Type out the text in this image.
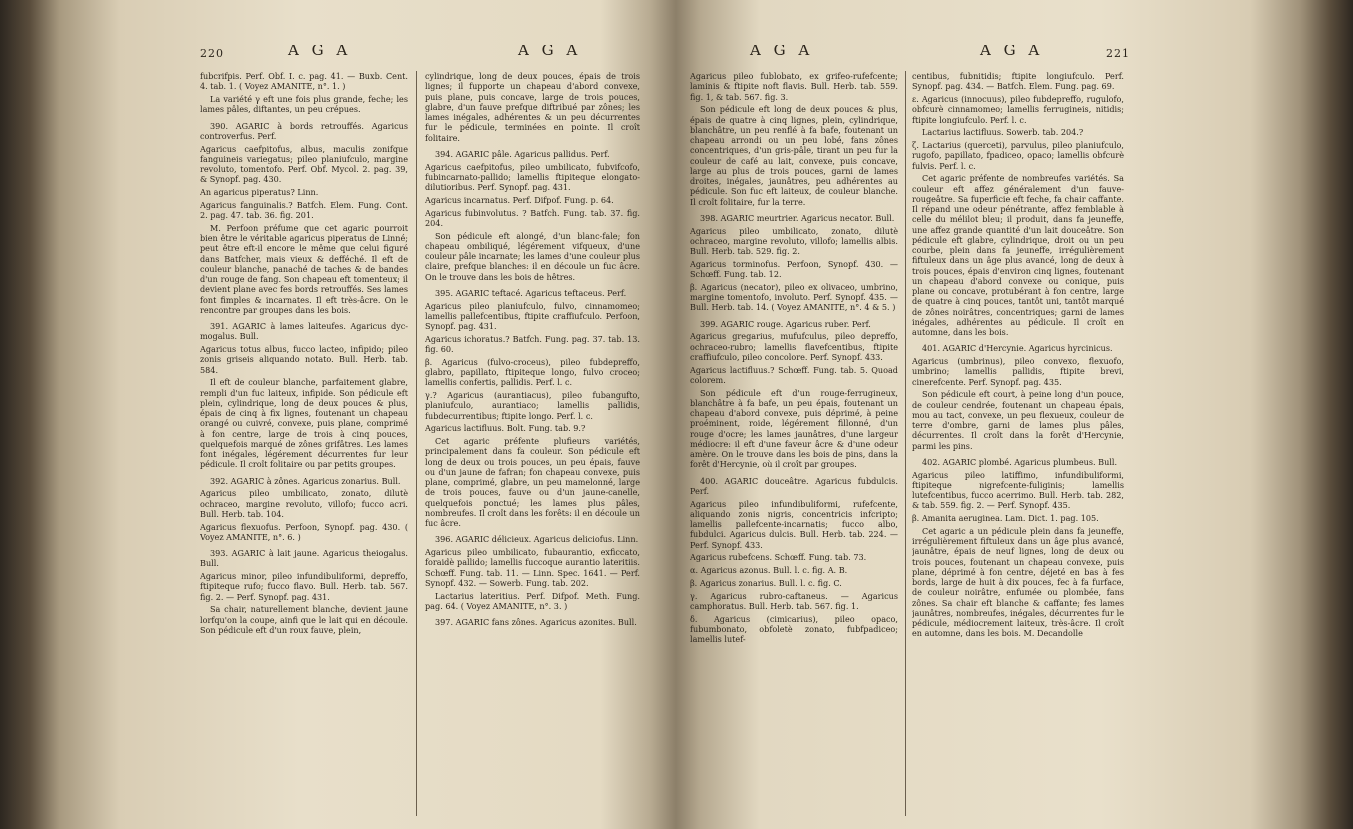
220	A G A	A G A

fubcrifpis. Perf. Obf. I. c. pag. 41. — Buxb. Cent. 4. tab. 1. ( Voyez AMANITE, n°. 1. )

La variété γ eft une fois plus grande, feche; les lames pâles, diftantes, un peu crépues.

390. AGARIC à bords retrouffés. Agaricus controverfus. Perf.

Agaricus caefpitofus, albus, maculis zonifque fanguineis variegatus; pileo planiufculo, margine revoluto, tomentofo. Perf. Obf. Mycol. 2. pag. 39, & Synopf. pag. 430.

An agaricus piperatus? Linn.

Agaricus fanguinalis.? Batfch. Elem. Fung. Cont. 2. pag. 47. tab. 36. fig. 201.

M. Perfoon préfume que cet agaric pourroit bien être le véritable agaricus piperatus de Linné; peut être eft-il encore le même que celui figuré dans Batfcher, mais vieux & defféché. Il eft de couleur blanche, panaché de taches & de bandes d'un rouge de fang. Son chapeau eft tomenteux; il devient plane avec fes bords retrouffés. Ses lames font fimples & incarnates. Il eft très-âcre. On le rencontre par groupes dans les bois.

391. AGARIC à lames laiteufes. Agaricus dyc-mogalus. Bull.

Agaricus totus albus, fucco lacteo, infipido; pileo zonis griseis aliquando notato. Bull. Herb. tab. 584.

Il eft de couleur blanche, parfaitement glabre, rempli d'un fuc laiteux, infipide. Son pédicule eft plein, cylindrique, long de deux pouces & plus, épais de cinq à fix lignes, foutenant un chapeau orangé ou cuivré, convexe, puis plane, comprimé à fon centre, large de trois à cinq pouces, quelquefois marqué de zônes grifâtres. Les lames font inégales, légérement décurrentes fur leur pédicule. Il croît folitaire ou par petits groupes.

392. AGARIC à zônes. Agaricus zonarius. Bull.

Agaricus pileo umbilicato, zonato, dilutè ochraceo, margine revoluto, villofo; fucco acri. Bull. Herb. tab. 104.

Agaricus flexuofus. Perfoon, Synopf. pag. 430. ( Voyez AMANITE, n°. 6. )

393. AGARIC à lait jaune. Agaricus theiogalus. Bull.

Agaricus minor, pileo infundibuliformi, depreffo, ftipiteque rufo; fucco flavo. Bull. Herb. tab. 567. fig. 2. — Perf. Synopf. pag. 431.

Sa chair, naturellement blanche, devient jaune lorfqu'on la coupe, ainfi que le lait qui en découle. Son pédicule eft d'un roux fauve, plein,

cylindrique, long de deux pouces, épais de trois lignes; il fupporte un chapeau d'abord convexe, puis plane, puis concave, large de trois pouces, glabre, d'un fauve prefque diftribué par zônes; les lames inégales, adhérentes & un peu décurrentes fur le pédicule, terminées en pointe. Il croît folitaire.

394. AGARIC pâle. Agaricus pallidus. Perf.

Agaricus caefpitofus, pileo umbilicato, fubvifcofo, fubincarnato-pallido; lamellis ftipiteque elongato-dilutioribus. Perf. Synopf. pag. 431.

Agaricus incarnatus. Perf. Difpof. Fung. p. 64.

Agaricus fubinvolutus. ? Batfch. Fung. tab. 37. fig. 204.

Son pédicule eft alongé, d'un blanc-fale; fon chapeau ombiliqué, légérement vifqueux, d'une couleur pâle incarnate; les lames d'une couleur plus claire, prefque blanches: il en découle un fuc âcre. On le trouve dans les bois de hêtres.

395. AGARIC teftacé. Agaricus teftaceus. Perf.

Agaricus pileo planiufculo, fulvo, cinnamomeo; lamellis pallefcentibus, ftipite craffiufculo. Perfoon, Synopf. pag. 431.

Agaricus ichoratus.? Batfch. Fung. pag. 37. tab. 13. fig. 60.

β. Agaricus (fulvo-croceus), pileo fubdepreffo, glabro, papillato, ftipiteque longo, fulvo croceo; lamellis confertis, pallidis. Perf. l. c.

γ.? Agaricus (aurantiacus), pileo fubangufto, planiufculo, aurantiaco; lamellis pallidis, fubdecurrentibus; ftipite longo. Perf. l. c.

Agaricus lactifluus. Bolt. Fung. tab. 9.?

Cet agaric préfente plufieurs variétés, principalement dans fa couleur. Son pédicule eft long de deux ou trois pouces, un peu épais, fauve ou d'un jaune de fafran; fon chapeau convexe, puis plane, comprimé, glabre, un peu mamelonné, large de trois pouces, fauve ou d'un jaune-canelle, quelquefois ponctué; les lames plus pâles, nombreufes. Il croît dans les forêts: il en découle un fuc âcre.

396. AGARIC délicieux. Agaricus deliciofus. Linn.

Agaricus pileo umbilicato, fubaurantio, exficcato, foraidè pallido; lamellis fuccoque aurantio lateritiis. Schœff. Fung. tab. 11. — Linn. Spec. 1641. — Perf. Synopf. 432. — Sowerb. Fung. tab. 202.

Lactarius lateritius. Perf. Difpof. Meth. Fung. pag. 64. ( Voyez AMANITE, n°. 3. )

397. AGARIC fans zônes. Agaricus azonites. Bull.

A G A	A G A	221

Agaricus pileo fublobato, ex grifeo-rufefcente; laminis & ftipite noft flavis. Bull. Herb. tab. 559. fig. 1, & tab. 567. fig. 3.

Son pédicule eft long de deux pouces & plus, épais de quatre à cinq lignes, plein, cylindrique, blanchâtre, un peu renflé à fa bafe, foutenant un chapeau arrondi ou un peu lobé, fans zônes concentriques, d'un gris-pâle, tirant un peu fur la couleur de café au lait, convexe, puis concave, large au plus de trois pouces, garni de lames droites, inégales, jaunâtres, peu adhérentes au pédicule. Son fuc eft laiteux, de couleur blanche. Il croît folitaire, fur la terre.

398. AGARIC meurtrier. Agaricus necator. Bull.

Agaricus pileo umbilicato, zonato, dilutè ochraceo, margine revoluto, villofo; lamellis albis. Bull. Herb. tab. 529. fig. 2.

Agaricus torminofus. Perfoon, Synopf. 430. — Schœff. Fung. tab. 12.

β. Agaricus (necator), pileo ex olivaceo, umbrino, margine tomentofo, involuto. Perf. Synopf. 435. — Bull. Herb. tab. 14. ( Voyez AMANITE, n°. 4 & 5. )

399. AGARIC rouge. Agaricus ruber. Perf.

Agaricus gregarius, mufufculus, pileo depreffo, ochraceo-rubro; lamellis flavefcentibus, ftipite craffiufculo, pileo concolore. Perf. Synopf. 433.

Agaricus lactifluus.? Schœff. Fung. tab. 5. Quoad colorem.

Son pédicule eft d'un rouge-ferrugineux, blanchâtre à fa bafe, un peu épais, foutenant un chapeau d'abord convexe, puis déprimé, à peine proéminent, roide, légérement fillonné, d'un rouge d'ocre; les lames jaunâtres, d'une largeur médiocre: il eft d'une faveur âcre & d'une odeur amère. On le trouve dans les bois de pins, dans la forêt d'Hercynie, où il croît par groupes.

400. AGARIC douceâtre. Agaricus fubdulcis. Perf.

Agaricus pileo infundibuliformi, rufefcente, aliquando zonis nigris, concentricis infcripto; lamellis pallefcente-incarnatis; fucco albo, fubdulci. Agaricus dulcis. Bull. Herb. tab. 224. — Perf. Synopf. 433.

Agaricus rubefcens. Schœff. Fung. tab. 73.

α. Agaricus azonus. Bull. l. c. fig. A. B.

β. Agaricus zonarius. Bull. l. c. fig. C.

γ. Agaricus rubro-caftaneus. — Agaricus camphoratus. Bull. Herb. tab. 567. fig. 1.

δ. Agaricus (cimicarius), pileo opaco, fubumbonato, obfoletè zonato, fubfpadiceo; lamellis lutef-

centibus, fubnitidis; ftipite longiufculo. Perf. Synopf. pag. 434. — Batfch. Elem. Fung. pag. 69.

ε. Agaricus (innocuus), pileo fubdepreffo, rugulofo, obfcurè cinnamomeo; lamellis ferrugineis, nitidis; ftipite longiufculo. Perf. l. c.

Lactarius lactifluus. Sowerb. tab. 204.?

ζ. Lactarius (querceti), parvulus, pileo planiufculo, rugofo, papillato, fpadiceo, opaco; lamellis obfcurè fulvis. Perf. l. c.

Cet agaric préfente de nombreufes variétés. Sa couleur eft affez généralement d'un fauve-rougeâtre. Sa fuperficie eft feche, fa chair caffante. Il répand une odeur pénétrante, affez femblable à celle du mélilot bleu; il produit, dans fa jeuneffe, une affez grande quantité d'un lait douceâtre. Son pédicule eft glabre, cylindrique, droit ou un peu courbe, plein dans fa jeuneffe, irrégulièrement fiftuleux dans un âge plus avancé, long de deux à trois pouces, épais d'environ cinq lignes, foutenant un chapeau d'abord convexe ou conique, puis plane ou concave, protubérant à fon centre, large de quatre à cinq pouces, tantôt uni, tantôt marqué de zônes noirâtres, concentriques; garni de lames inégales, adhérentes au pédicule. Il croît en automne, dans les bois.

401. AGARIC d'Hercynie. Agaricus hyrcinicus.

Agaricus (umbrinus), pileo convexo, flexuofo, umbrino; lamellis pallidis, ftipite brevi, cinerefcente. Perf. Synopf. pag. 435.

Son pédicule eft court, à peine long d'un pouce, de couleur cendrée, foutenant un chapeau épais, mou au tact, convexe, un peu flexueux, couleur de terre d'ombre, garni de lames plus pâles, décurrentes. Il croît dans la forêt d'Hercynie, parmi les pins.

402. AGARIC plombé. Agaricus plumbeus. Bull.

Agaricus pileo latiffimo, infundibuliformi, ftipiteque nigrefcente-fuliginis; lamellis lutefcentibus, fucco acerrimo. Bull. Herb. tab. 282, & tab. 559. fig. 2. — Perf. Synopf. 435.

β. Amanita aeruginea. Lam. Dict. 1. pag. 105.

Cet agaric a un pédicule plein dans fa jeuneffe, irrégulièrement fiftuleux dans un âge plus avancé, jaunâtre, épais de neuf lignes, long de deux ou trois pouces, foutenant un chapeau convexe, puis plane, déprimé à fon centre, déjeté en bas à fes bords, large de huit à dix pouces, fec à fa furface, de couleur noirâtre, enfumée ou plombée, fans zônes. Sa chair eft blanche & caffante; fes lames jaunâtres, nombreufes, inégales, décurrentes fur le pédicule, médiocrement laiteux, très-âcre. Il croît en automne, dans les bois. M. Decandolle
